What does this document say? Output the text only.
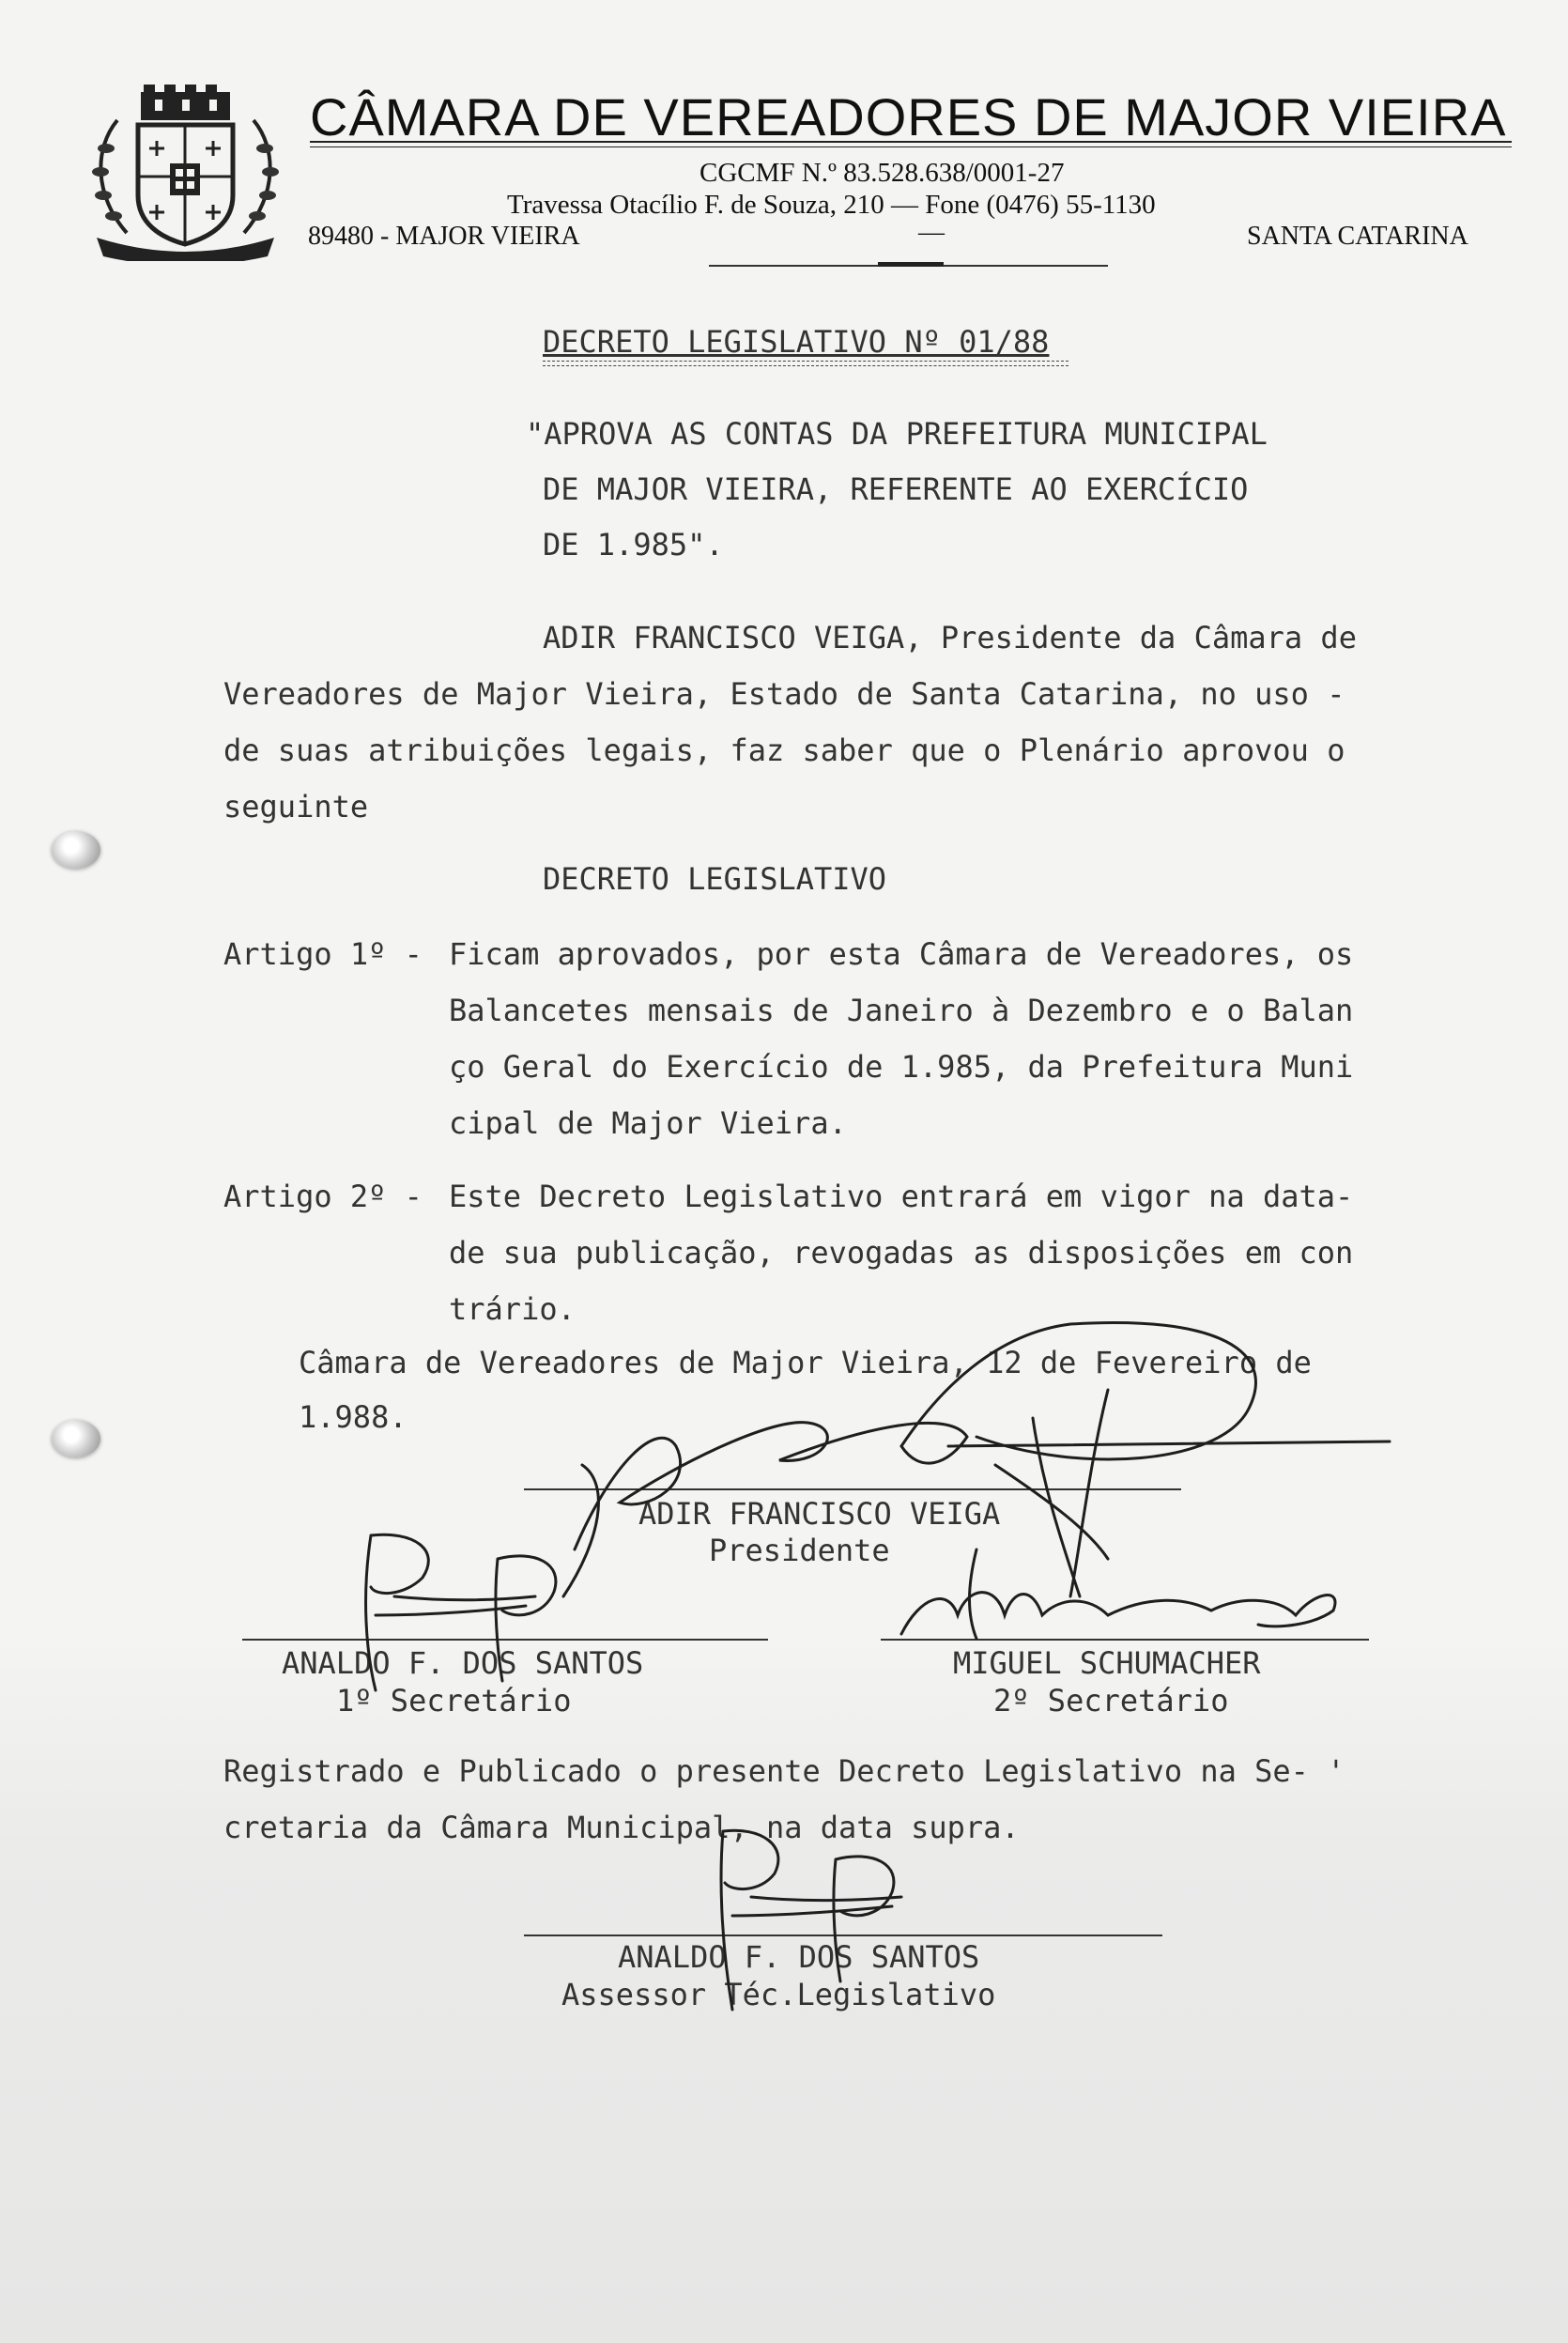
CÂMARA DE VEREADORES DE MAJOR VIEIRA
CGCMF N.º 83.528.638/0001-27
Travessa Otacílio F. de Souza, 210 — Fone (0476) 55-1130
89480 - MAJOR VIEIRA	—	SANTA CATARINA
DECRETO LEGISLATIVO Nº 01/88
"APROVA AS CONTAS DA PREFEITURA MUNICIPAL
DE MAJOR VIEIRA, REFERENTE AO EXERCÍCIO
DE 1.985".
ADIR FRANCISCO VEIGA, Presidente da Câmara de
Vereadores de Major Vieira, Estado de Santa Catarina, no uso -
de suas atribuições legais, faz saber que o Plenário aprovou o
seguinte
DECRETO LEGISLATIVO
Artigo 1º - Ficam aprovados, por esta Câmara de Vereadores, os
Balancetes mensais de Janeiro à Dezembro e o Balan
ço Geral do Exercício de 1.985, da Prefeitura Muni
cipal de Major Vieira.
Artigo 2º - Este Decreto Legislativo entrará em vigor na data-
de sua publicação, revogadas as disposições em con
trário.
Câmara de Vereadores de Major Vieira, 12 de Fevereiro de
1.988.
ADIR FRANCISCO VEIGA
Presidente
ANALDO F. DOS SANTOS
1º Secretário
MIGUEL SCHUMACHER
2º Secretário
Registrado e Publicado o presente Decreto Legislativo na Se- '
cretaria da Câmara Municipal, na data supra.
ANALDO F. DOS SANTOS
Assessor Téc.Legislativo
